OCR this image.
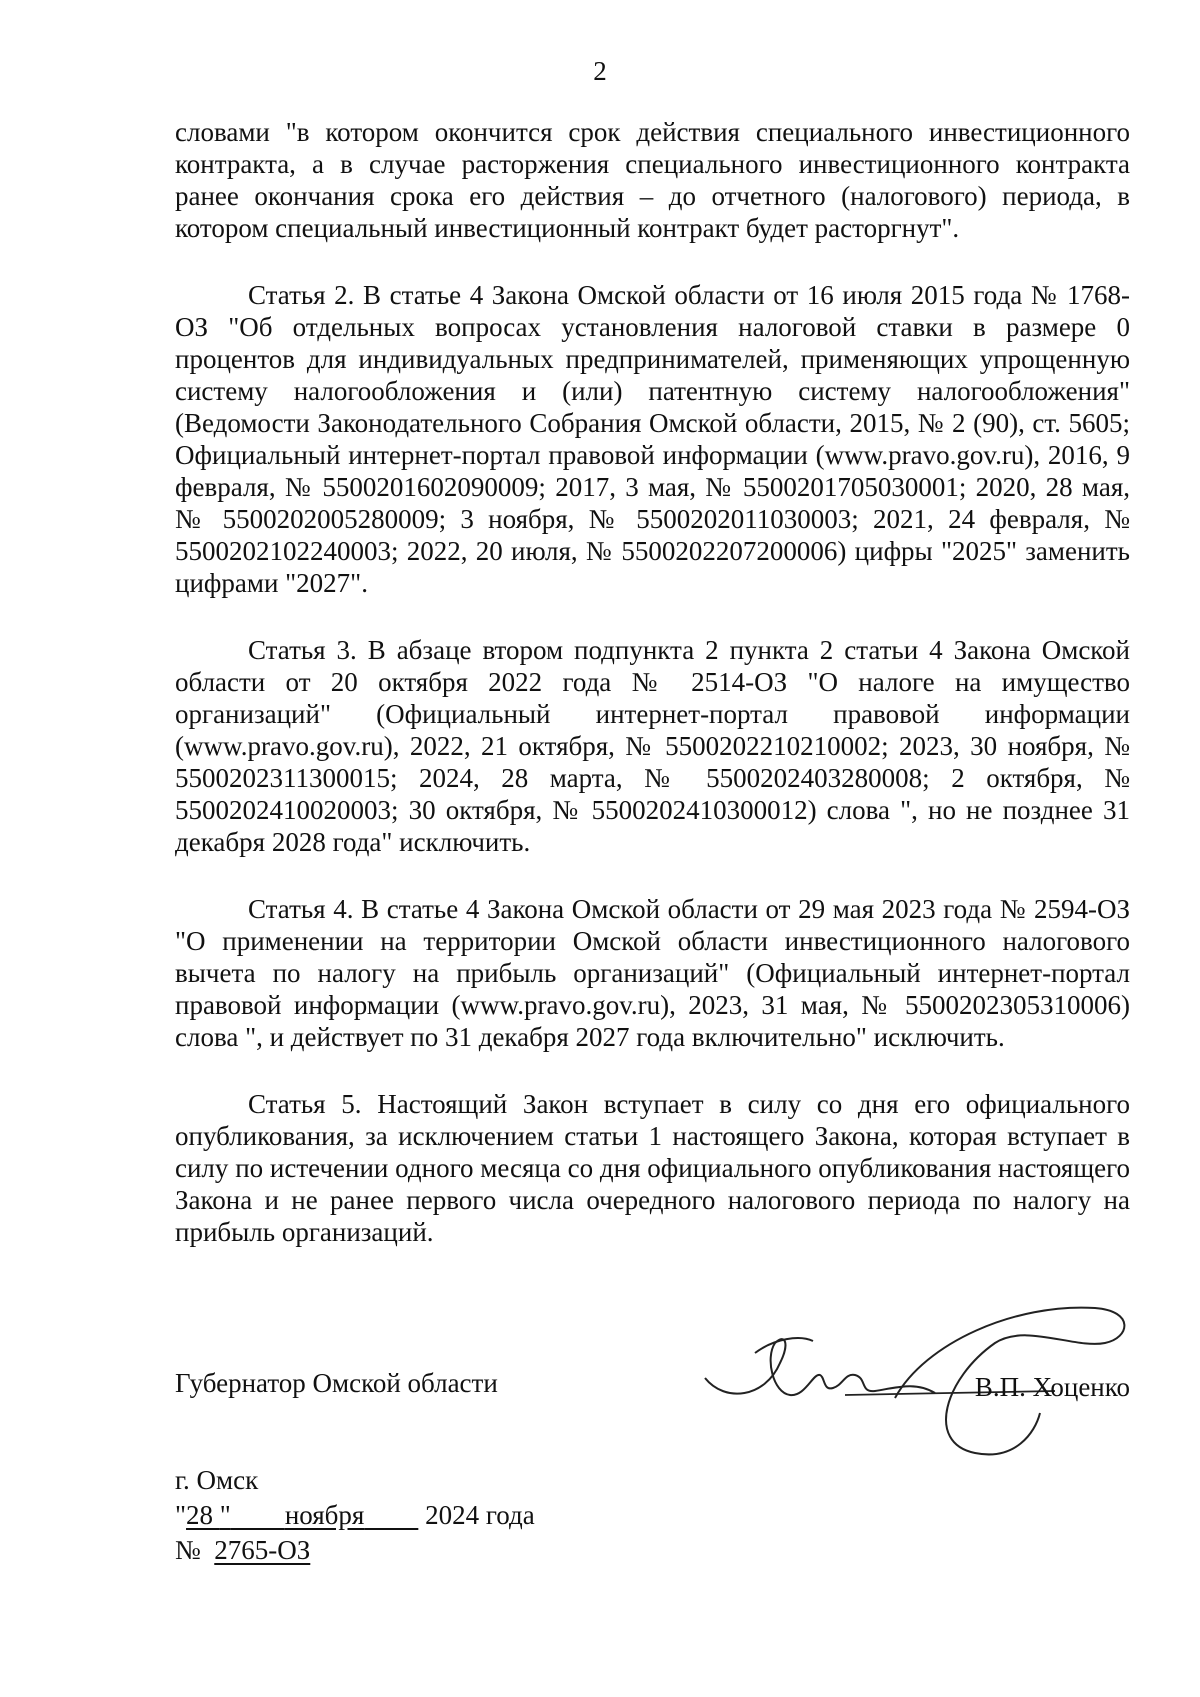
2

словами "в котором окончится срок действия специального инвестиционного контракта, а в случае расторжения специального инвестиционного контракта ранее окончания срока его действия – до отчетного (налогового) периода, в котором специальный инвестиционный контракт будет расторгнут".

Статья 2. В статье 4 Закона Омской области от 16 июля 2015 года № 1768-ОЗ "Об отдельных вопросах установления налоговой ставки в размере 0 процентов для индивидуальных предпринимателей, применяющих упрощенную систему налогообложения и (или) патентную систему налогообложения" (Ведомости Законодательного Собрания Омской области, 2015, № 2 (90), ст. 5605; Официальный интернет-портал правовой информации (www.pravo.gov.ru), 2016, 9 февраля, № 5500201602090009; 2017, 3 мая, № 5500201705030001; 2020, 28 мая, № 5500202005280009; 3 ноября, № 5500202011030003; 2021, 24 февраля, № 5500202102240003; 2022, 20 июля, № 5500202207200006) цифры "2025" заменить цифрами "2027".

Статья 3. В абзаце втором подпункта 2 пункта 2 статьи 4 Закона Омской области от 20 октября 2022 года № 2514-ОЗ "О налоге на имущество организаций" (Официальный интернет-портал правовой информации (www.pravo.gov.ru), 2022, 21 октября, № 5500202210210002; 2023, 30 ноября, № 5500202311300015; 2024, 28 марта, № 5500202403280008; 2 октября, № 5500202410020003; 30 октября, № 5500202410300012) слова ", но не позднее 31 декабря 2028 года" исключить.

Статья 4. В статье 4 Закона Омской области от 29 мая 2023 года № 2594-ОЗ "О применении на территории Омской области инвестиционного налогового вычета по налогу на прибыль организаций" (Официальный интернет-портал правовой информации (www.pravo.gov.ru), 2023, 31 мая, № 5500202305310006) слова ", и действует по 31 декабря 2027 года включительно" исключить.

Статья 5. Настоящий Закон вступает в силу со дня его официального опубликования, за исключением статьи 1 настоящего Закона, которая вступает в силу по истечении одного месяца со дня официального опубликования настоящего Закона и не ранее первого числа очередного налогового периода по налогу на прибыль организаций.

Губернатор Омской области	В.П. Хоценко
г. Омск
"28 " ноября 2024 года
№ 2765-ОЗ
